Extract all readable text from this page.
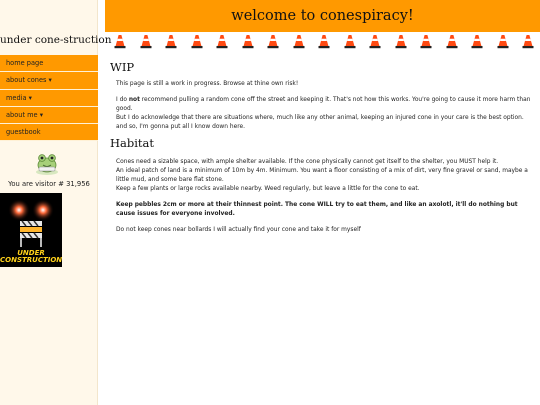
under cone-struction
home page
about cones ▾
media ▾
about me ▾
guestbook
You are visitor # 31,956
UNDER
CONSTRUCTION
welcome to conespiracy!
WIP

This page is still a work in progress. Browse at thine own risk!

I do not recommend pulling a random cone off the street and keeping it. That's not how this works. You're going to cause it more harm than good.

But I do acknowledge that there are situations where, much like any other animal, keeping an injured cone in your care is the best option.

and so, I'm gonna put all I know down here.

Habitat

Cones need a sizable space, with ample shelter available. If the cone physically cannot get itself to the shelter, you MUST help it.

An ideal patch of land is a minimum of 10m by 4m. Minimum. You want a floor consisting of a mix of dirt, very fine gravel or sand, maybe a little mud, and some bare flat stone.

Keep a few plants or large rocks available nearby. Weed regularly, but leave a little for the cone to eat.

Keep pebbles 2cm or more at their thinnest point. The cone WILL try to eat them, and like an axolotl, it'll do nothing but cause issues for everyone involved.

Do not keep cones near bollards I will actually find your cone and take it for myself
